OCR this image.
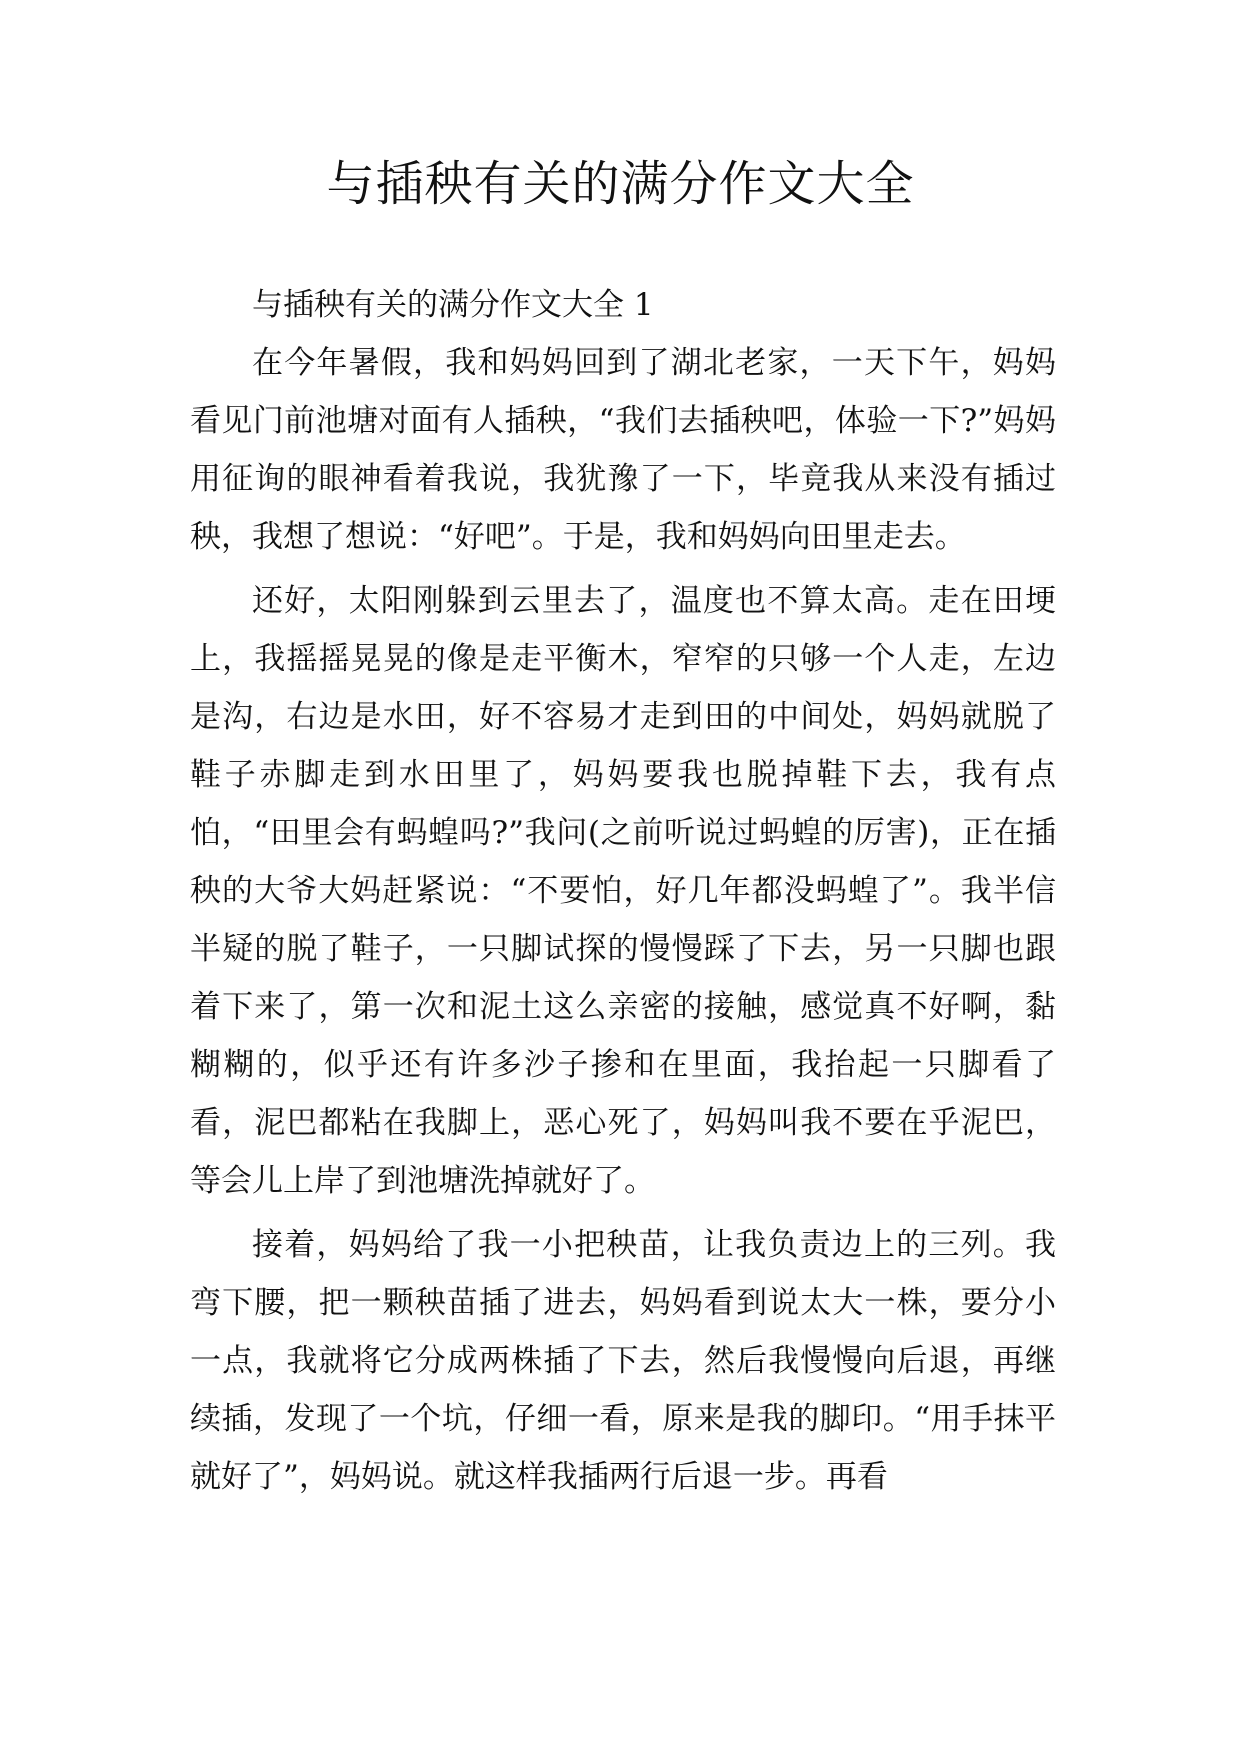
与插秧有关的满分作文大全

与插秧有关的满分作文大全 1

在今年暑假，我和妈妈回到了湖北老家，一天下午，妈妈看见门前池塘对面有人插秧，“我们去插秧吧，体验一下?”妈妈用征询的眼神看着我说，我犹豫了一下，毕竟我从来没有插过秧，我想了想说：“好吧”。于是，我和妈妈向田里走去。

还好，太阳刚躲到云里去了，温度也不算太高。走在田埂上，我摇摇晃晃的像是走平衡木，窄窄的只够一个人走，左边是沟，右边是水田，好不容易才走到田的中间处，妈妈就脱了鞋子赤脚走到水田里了，妈妈要我也脱掉鞋下去，我有点怕，“田里会有蚂蝗吗?”我问(之前听说过蚂蝗的厉害)，正在插秧的大爷大妈赶紧说：“不要怕，好几年都没蚂蝗了”。我半信半疑的脱了鞋子，一只脚试探的慢慢踩了下去，另一只脚也跟着下来了，第一次和泥土这么亲密的接触，感觉真不好啊，黏糊糊的，似乎还有许多沙子掺和在里面，我抬起一只脚看了看，泥巴都粘在我脚上，恶心死了，妈妈叫我不要在乎泥巴，等会儿上岸了到池塘洗掉就好了。

接着，妈妈给了我一小把秧苗，让我负责边上的三列。我弯下腰，把一颗秧苗插了进去，妈妈看到说太大一株，要分小一点，我就将它分成两株插了下去，然后我慢慢向后退，再继续插，发现了一个坑，仔细一看，原来是我的脚印。“用手抹平就好了”，妈妈说。就这样我插两行后退一步。再看
